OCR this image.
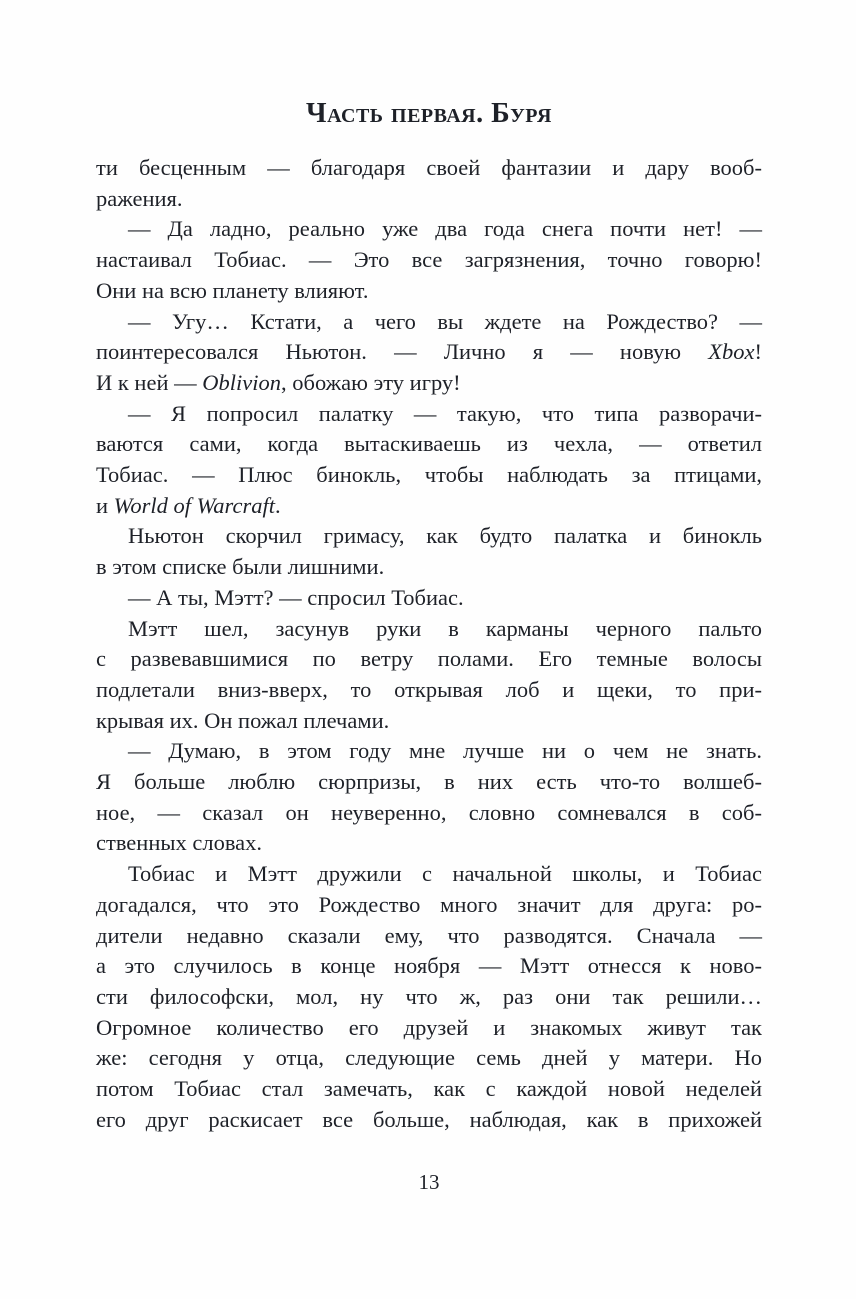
Часть первая. Буря
ти бесценным — благодаря своей фантазии и дару вооб-
ражения.
— Да ладно, реально уже два года снега почти нет! —
настаивал Тобиас. — Это все загрязнения, точно говорю!
Они на всю планету влияют.
— Угу… Кстати, а чего вы ждете на Рождество? —
поинтересовался Ньютон. — Лично я — новую Xbox!
И к ней — Oblivion, обожаю эту игру!
— Я попросил палатку — такую, что типа разворачи-
ваются сами, когда вытаскиваешь из чехла, — ответил
Тобиас. — Плюс бинокль, чтобы наблюдать за птицами,
и World of Warcraft.
Ньютон скорчил гримасу, как будто палатка и бинокль
в этом списке были лишними.
— А ты, Мэтт? — спросил Тобиас.
Мэтт шел, засунув руки в карманы черного пальто
с развевавшимися по ветру полами. Его темные волосы
подлетали вниз-вверх, то открывая лоб и щеки, то при-
крывая их. Он пожал плечами.
— Думаю, в этом году мне лучше ни о чем не знать.
Я больше люблю сюрпризы, в них есть что-то волшеб-
ное, — сказал он неуверенно, словно сомневался в соб-
ственных словах.
Тобиас и Мэтт дружили с начальной школы, и Тобиас
догадался, что это Рождество много значит для друга: ро-
дители недавно сказали ему, что разводятся. Сначала —
а это случилось в конце ноября — Мэтт отнесся к ново-
сти философски, мол, ну что ж, раз они так решили…
Огромное количество его друзей и знакомых живут так
же: сегодня у отца, следующие семь дней у матери. Но
потом Тобиас стал замечать, как с каждой новой неделей
его друг раскисает все больше, наблюдая, как в прихожей
13
